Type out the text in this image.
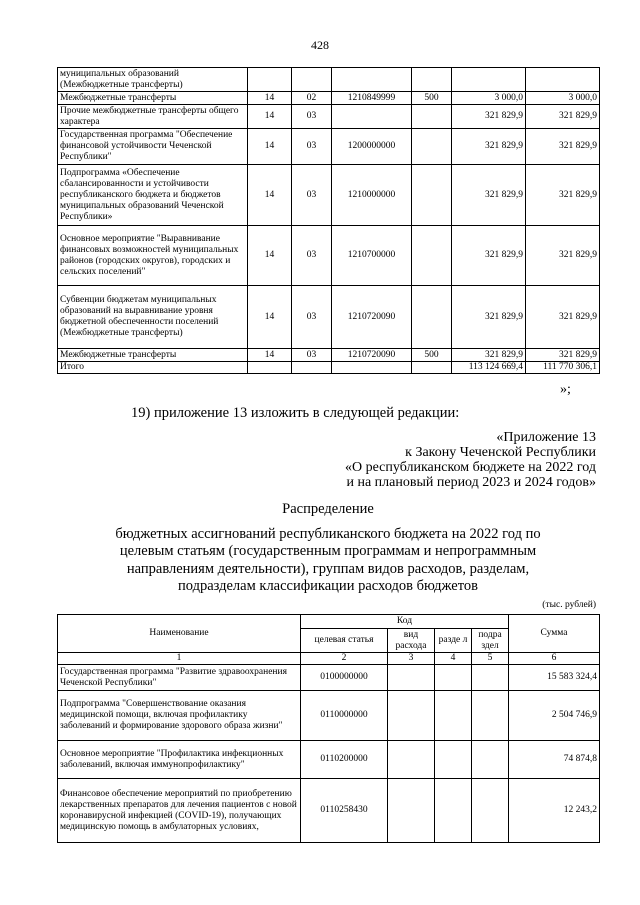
428
муниципальных образований (Межбюджетные трансферты)						
Межбюджетные трансферты	14	02	1210849999	500	3 000,0	3 000,0
Прочие межбюджетные трансферты общего характера	14	03			321 829,9	321 829,9
Государственная программа "Обеспечение финансовой устойчивости Чеченской Республики"	14	03	1200000000		321 829,9	321 829,9
Подпрограмма «Обеспечение сбалансированности и устойчивости республиканского бюджета и бюджетов муниципальных образований Чеченской Республики»	14	03	1210000000		321 829,9	321 829,9
Основное мероприятие "Выравнивание финансовых возможностей муниципальных районов (городских округов), городских и сельских поселений"	14	03	1210700000		321 829,9	321 829,9
Субвенции бюджетам муниципальных образований на выравнивание уровня бюджетной обеспеченности поселений (Межбюджетные трансферты)	14	03	1210720090		321 829,9	321 829,9
Межбюджетные трансферты	14	03	1210720090	500	321 829,9	321 829,9
Итого					113 124 669,4	111 770 306,1
»;
19) приложение 13 изложить в следующей редакции:
«Приложение 13
к Закону Чеченской Республики
«О республиканском бюджете на 2022 год
и на плановый период 2023 и 2024 годов»
Распределение
бюджетных ассигнований республиканского бюджета на 2022 год по
целевым статьям (государственным программам и непрограммным
направлениям деятельности), группам видов расходов, разделам,
подразделам классификации расходов бюджетов
(тыс. рублей)
Наименование	Код				Сумма
	целевая статья	вид расхода	разде л	подра здел	
1	2	3	4	5	6
Государственная программа "Развитие здравоохранения Чеченской Республики"	0100000000				15 583 324,4
Подпрограмма "Совершенствование оказания медицинской помощи, включая профилактику заболеваний и формирование здорового образа жизни"	0110000000				2 504 746,9
Основное мероприятие "Профилактика инфекционных заболеваний, включая иммунопрофилактику"	0110200000				74 874,8
Финансовое обеспечение мероприятий по приобретению лекарственных препаратов для лечения пациентов с новой коронавирусной инфекцией (COVID-19), получающих медицинскую помощь в амбулаторных условиях,	0110258430				12 243,2
